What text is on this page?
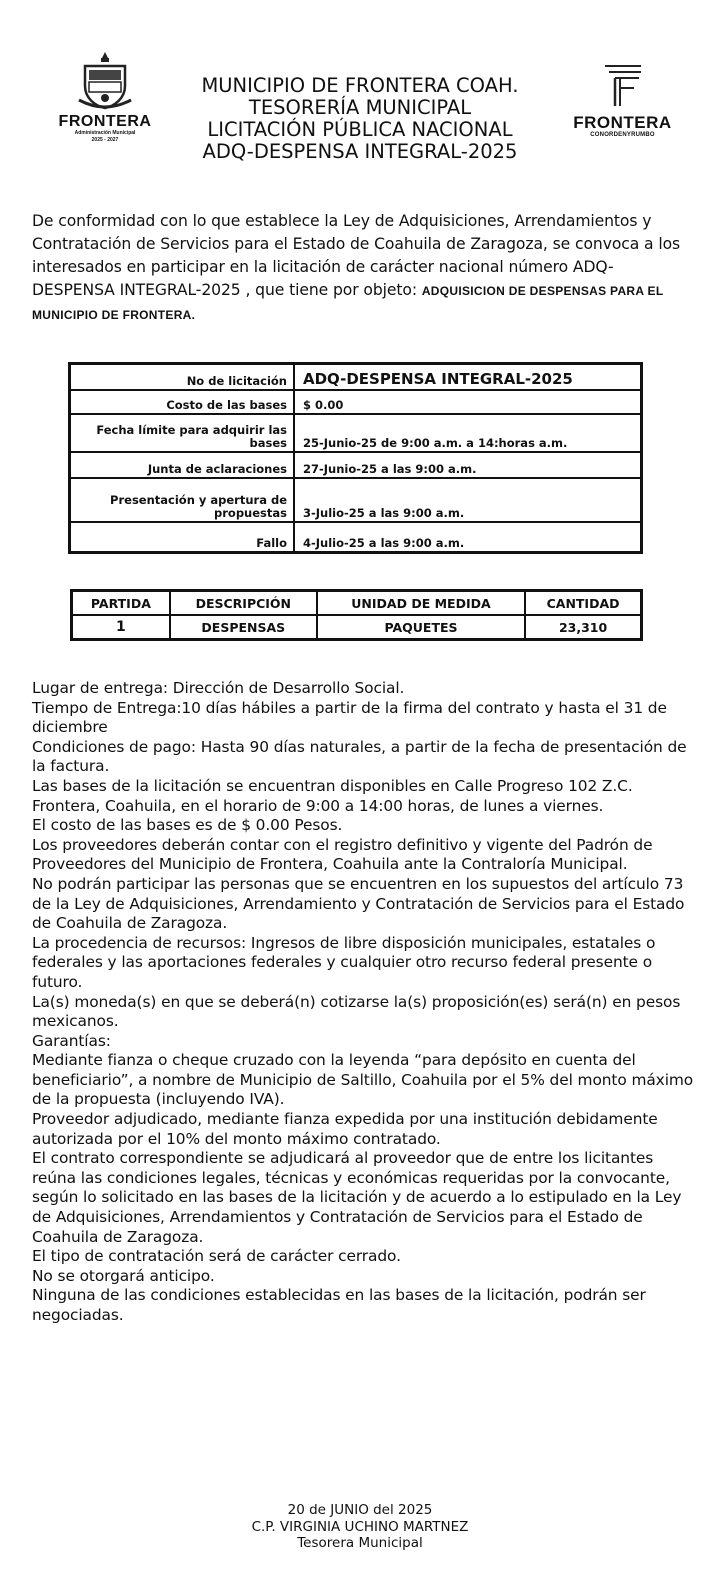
FRONTERA
Administración Municipal
2025 - 2027
MUNICIPIO DE FRONTERA COAH.
TESORERÍA MUNICIPAL
LICITACIÓN PÚBLICA NACIONAL
ADQ-DESPENSA INTEGRAL-2025
FRONTERA
CONORDENYRUMBO
De conformidad con lo que establece la Ley de Adquisiciones, Arrendamientos y Contratación de Servicios para el Estado de Coahuila de Zaragoza, se convoca a los interesados en participar en la licitación de carácter nacional número ADQ-DESPENSA INTEGRAL-2025 , que tiene por objeto: ADQUISICION DE DESPENSAS PARA EL MUNICIPIO DE FRONTERA.
No de licitación	ADQ-DESPENSA INTEGRAL-2025
Costo de las bases	$ 0.00
Fecha límite para adquirir las bases	25-Junio-25 de 9:00 a.m. a 14:horas a.m.
Junta de aclaraciones	27-Junio-25 a las 9:00 a.m.
Presentación y apertura de propuestas	3-Julio-25 a las 9:00 a.m.
Fallo	4-Julio-25 a las 9:00 a.m.
PARTIDA	DESCRIPCIÓN	UNIDAD DE MEDIDA	CANTIDAD
1	DESPENSAS	PAQUETES	23,310

Lugar de entrega: Dirección de Desarrollo Social.

Tiempo de Entrega:10 días hábiles a partir de la firma del contrato y hasta el 31 de diciembre

Condiciones de pago: Hasta 90 días naturales, a partir de la fecha de presentación de la factura.

Las bases de la licitación se encuentran disponibles en Calle Progreso 102 Z.C. Frontera, Coahuila, en el horario de 9:00 a 14:00 horas, de lunes a viernes.

El costo de las bases es de $ 0.00 Pesos.

Los proveedores deberán contar con el registro definitivo y vigente del Padrón de Proveedores del Municipio de Frontera, Coahuila ante la Contraloría Municipal.

No podrán participar las personas que se encuentren en los supuestos del artículo 73 de la Ley de Adquisiciones, Arrendamiento y Contratación de Servicios para el Estado de Coahuila de Zaragoza.

La procedencia de recursos: Ingresos de libre disposición municipales, estatales o federales y las aportaciones federales y cualquier otro recurso federal presente o futuro.

La(s) moneda(s) en que se deberá(n) cotizarse la(s) proposición(es) será(n) en pesos mexicanos.

Garantías:

Mediante fianza o cheque cruzado con la leyenda “para depósito en cuenta del beneficiario”, a nombre de Municipio de Saltillo, Coahuila por el 5% del monto máximo de la propuesta (incluyendo IVA).

Proveedor adjudicado, mediante fianza expedida por una institución debidamente autorizada por el 10% del monto máximo contratado.

El contrato correspondiente se adjudicará al proveedor que de entre los licitantes reúna las condiciones legales, técnicas y económicas requeridas por la convocante, según lo solicitado en las bases de la licitación y de acuerdo a lo estipulado en la Ley de Adquisiciones, Arrendamientos y Contratación de Servicios para el Estado de Coahuila de Zaragoza.

El tipo de contratación será de carácter cerrado.

No se otorgará anticipo.

Ninguna de las condiciones establecidas en las bases de la licitación, podrán ser negociadas.

20 de JUNIO del 2025
C.P. VIRGINIA UCHINO MARTNEZ
Tesorera Municipal
